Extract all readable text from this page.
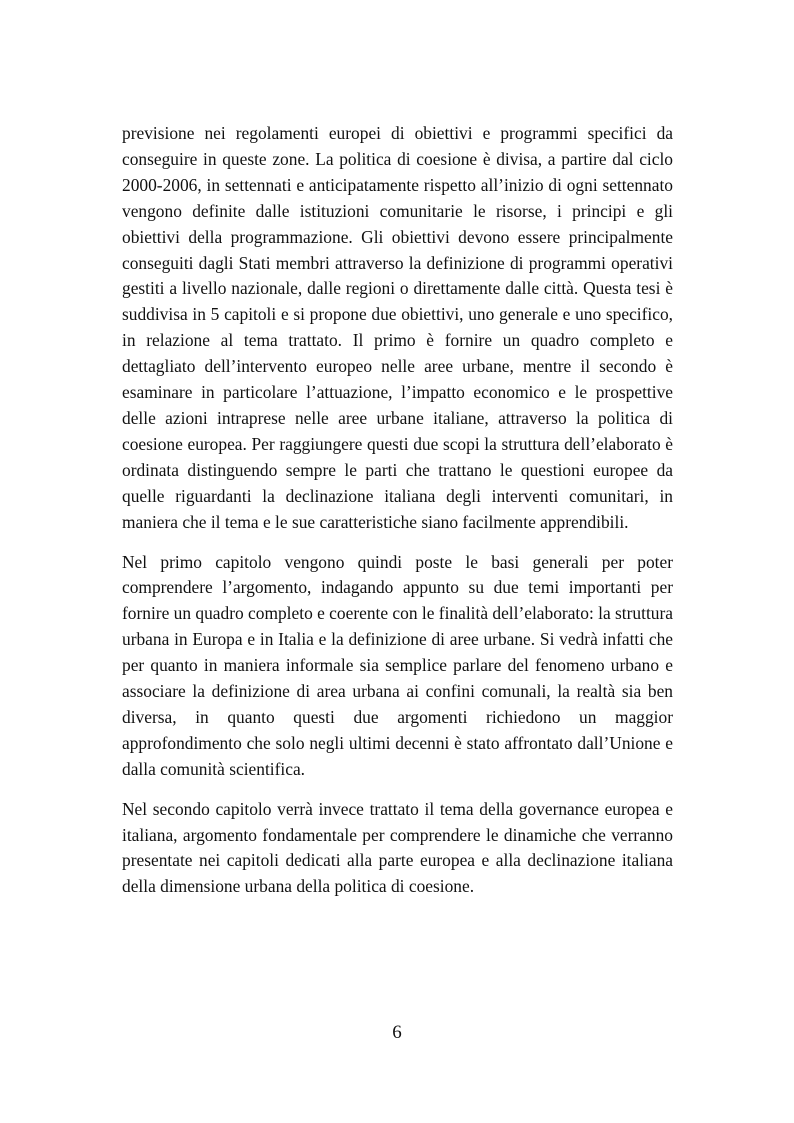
previsione nei regolamenti europei di obiettivi e programmi specifici da conseguire in queste zone. La politica di coesione è divisa, a partire dal ciclo 2000-2006, in settennati e anticipatamente rispetto all’inizio di ogni settennato vengono definite dalle istituzioni comunitarie le risorse, i principi e gli obiettivi della programmazione. Gli obiettivi devono essere principalmente conseguiti dagli Stati membri attraverso la definizione di programmi operativi gestiti a livello nazionale, dalle regioni o direttamente dalle città. Questa tesi è suddivisa in 5 capitoli e si propone due obiettivi, uno generale e uno specifico, in relazione al tema trattato. Il primo è fornire un quadro completo e dettagliato dell’intervento europeo nelle aree urbane, mentre il secondo è esaminare in particolare l’attuazione, l’impatto economico e le prospettive delle azioni intraprese nelle aree urbane italiane, attraverso la politica di coesione europea. Per raggiungere questi due scopi la struttura dell’elaborato è ordinata distinguendo sempre le parti che trattano le questioni europee da quelle riguardanti la declinazione italiana degli interventi comunitari, in maniera che il tema e le sue caratteristiche siano facilmente apprendibili.

Nel primo capitolo vengono quindi poste le basi generali per poter comprendere l’argomento, indagando appunto su due temi importanti per fornire un quadro completo e coerente con le finalità dell’elaborato: la struttura urbana in Europa e in Italia e la definizione di aree urbane. Si vedrà infatti che per quanto in maniera informale sia semplice parlare del fenomeno urbano e associare la definizione di area urbana ai confini comunali, la realtà sia ben diversa, in quanto questi due argomenti richiedono un maggior approfondimento che solo negli ultimi decenni è stato affrontato dall’Unione e dalla comunità scientifica.

Nel secondo capitolo verrà invece trattato il tema della governance europea e italiana, argomento fondamentale per comprendere le dinamiche che verranno presentate nei capitoli dedicati alla parte europea e alla declinazione italiana della dimensione urbana della politica di coesione.

6
